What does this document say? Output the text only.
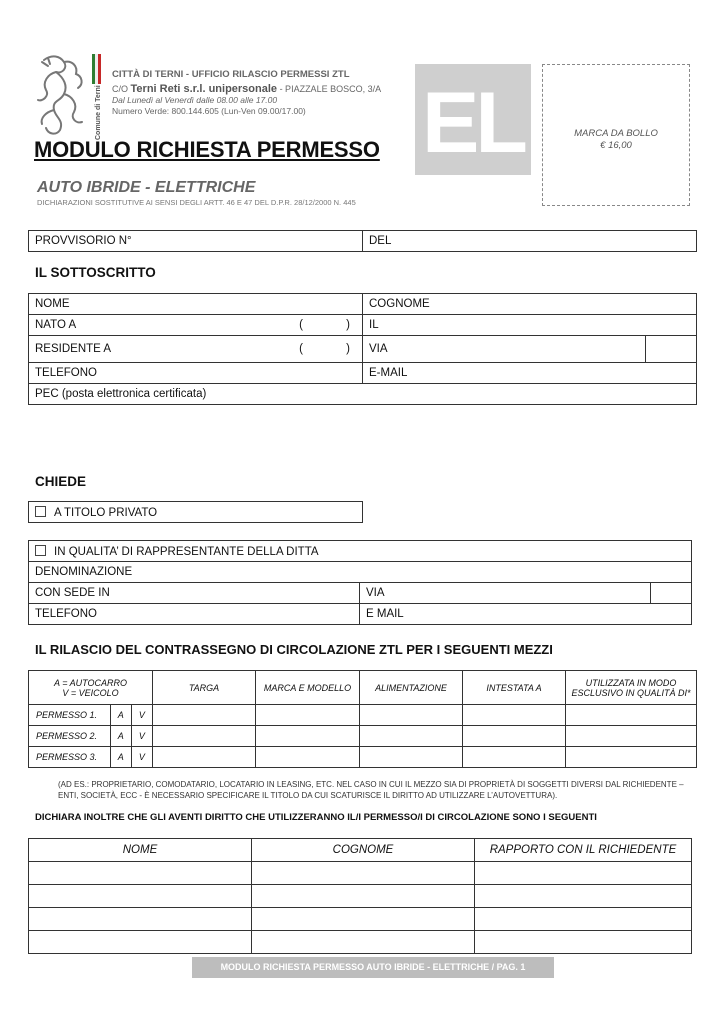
Comune di Terni
CITTÀ DI TERNI - UFFICIO RILASCIO PERMESSI ZTL
C/O Terni Reti s.r.l. unipersonale - PIAZZALE BOSCO, 3/A
Dal Lunedì al Venerdì dalle 08.00 alle 17.00
Numero Verde: 800.144.605 (Lun-Ven 09.00/17.00) EL	MARCA DA BOLLO
€ 16,00
MODULO RICHIESTA PERMESSO
AUTO IBRIDE - ELETTRICHE
DICHIARAZIONI SOSTITUTIVE AI SENSI DEGLI ARTT. 46 E 47 DEL D.P.R. 28/12/2000 N. 445
PROVVISORIO N°	DEL
IL SOTTOSCRITTO
NOME	COGNOME	
NATO A ( )	IL	
RESIDENTE A ( )	VIA	
TELEFONO	E-MAIL	
PEC (posta elettronica certificata)		
CHIEDE
A TITOLO PRIVATO
IN QUALITA’ DI RAPPRESENTANTE DELLA DITTA		
DENOMINAZIONE		
CON SEDE IN	VIA	
TELEFONO	E MAIL	
IL RILASCIO DEL CONTRASSEGNO DI CIRCOLAZIONE ZTL PER I SEGUENTI MEZZI
A = AUTOCARRO
V = VEICOLO			TARGA	MARCA E MODELLO	ALIMENTAZIONE	INTESTATA A	UTILIZZATA IN MODO ESCLUSIVO IN QUALITÀ DI*
PERMESSO 1.	A	V					
PERMESSO 2.	A	V					
PERMESSO 3.	A	V					
(AD ES.: PROPRIETARIO, COMODATARIO, LOCATARIO IN LEASING, ETC. NEL CASO IN CUI IL MEZZO SIA DI PROPRIETÀ DI SOGGETTI DIVERSI DAL RICHIEDENTE – ENTI, SOCIETÀ, ECC - È NECESSARIO SPECIFICARE IL TITOLO DA CUI SCATURISCE IL DIRITTO AD UTILIZZARE L’AUTOVETTURA).
DICHIARA INOLTRE CHE GLI AVENTI DIRITTO CHE UTILIZZERANNO IL/I PERMESSO/I DI CIRCOLAZIONE SONO I SEGUENTI
NOME	COGNOME	RAPPORTO CON IL RICHIEDENTE

MODULO RICHIESTA PERMESSO AUTO IBRIDE - ELETTRICHE / PAG. 1
